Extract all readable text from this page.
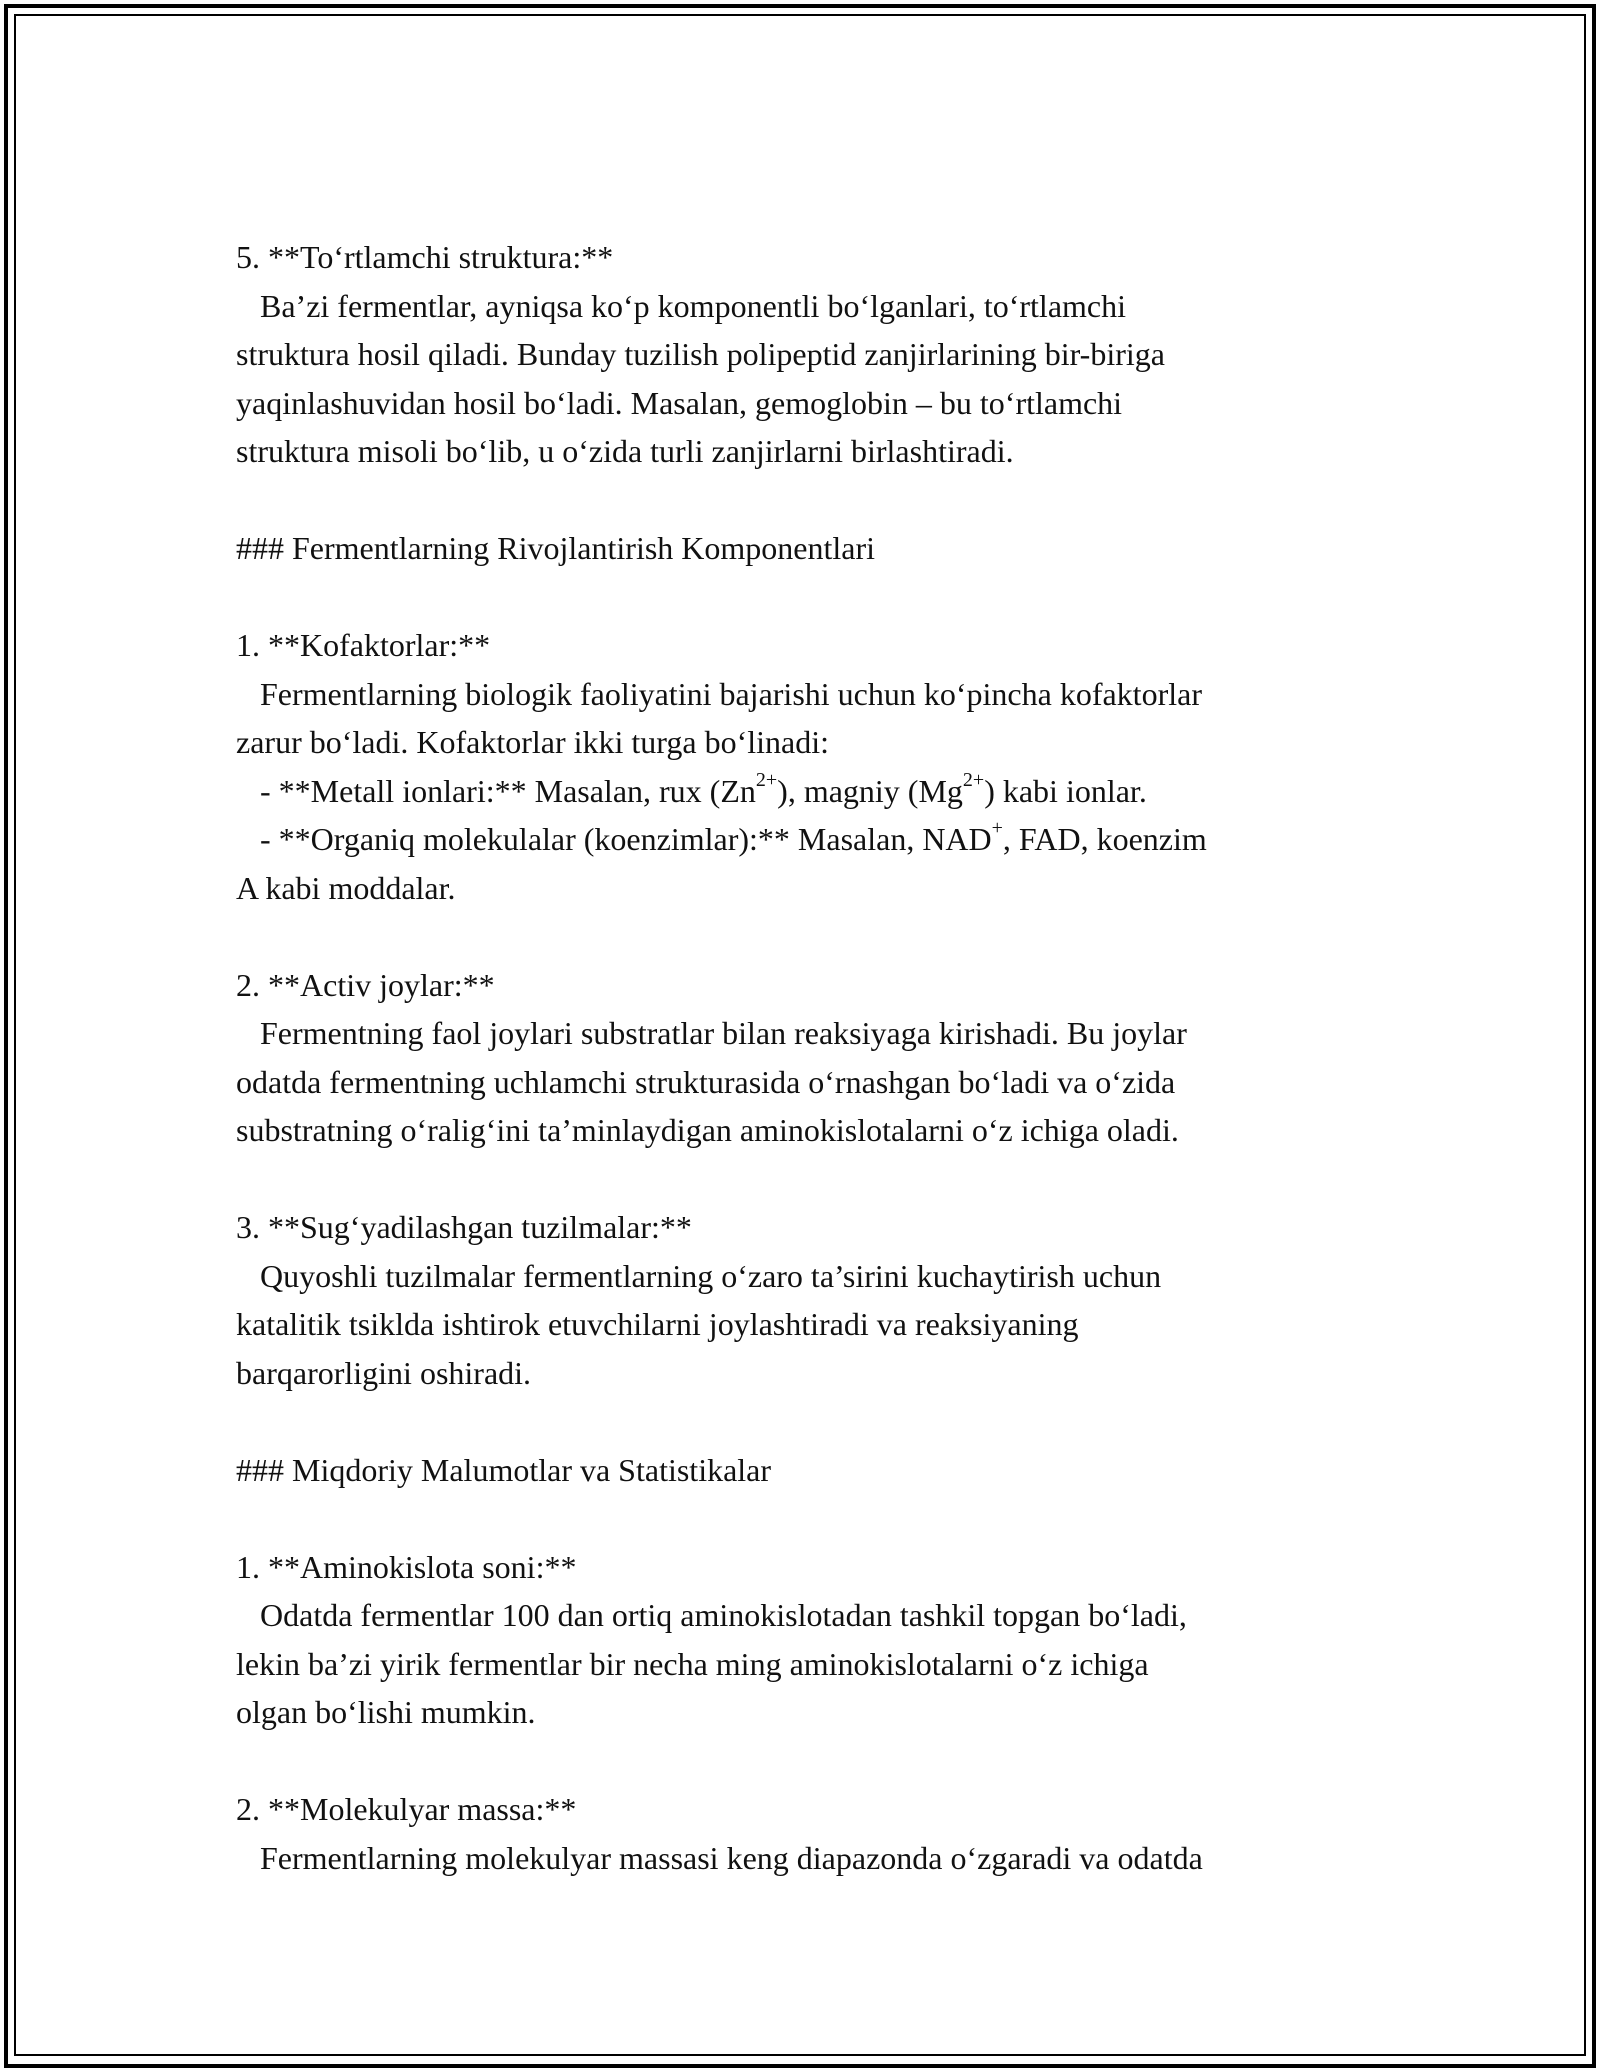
5. **To‘rtlamchi struktura:**
Ba’zi fermentlar, ayniqsa ko‘p komponentli bo‘lganlari, to‘rtlamchi
struktura hosil qiladi. Bunday tuzilish polipeptid zanjirlarining bir-biriga
yaqinlashuvidan hosil bo‘ladi. Masalan, gemoglobin – bu to‘rtlamchi
struktura misoli bo‘lib, u o‘zida turli zanjirlarni birlashtiradi.
### Fermentlarning Rivojlantirish Komponentlari
1. **Kofaktorlar:**
Fermentlarning biologik faoliyatini bajarishi uchun ko‘pincha kofaktorlar
zarur bo‘ladi. Kofaktorlar ikki turga bo‘linadi:
- **Metall ionlari:** Masalan, rux $(Zn^{2+})$, magniy $(Mg^{2+})$ kabi ionlar.
- **Organiq molekulalar (koenzimlar):** Masalan, NAD+, FAD, koenzim
A kabi moddalar.
2. **Activ joylar:**
Fermentning faol joylari substratlar bilan reaksiyaga kirishadi. Bu joylar
odatda fermentning uchlamchi strukturasida o‘rnashgan bo‘ladi va o‘zida
substratning o‘ralig‘ini ta’minlaydigan aminokislotalarni o‘z ichiga oladi.
3. **Sug‘yadilashgan tuzilmalar:**
Quyoshli tuzilmalar fermentlarning o‘zaro ta’sirini kuchaytirish uchun
katalitik tsiklda ishtirok etuvchilarni joylashtiradi va reaksiyaning
barqarorligini oshiradi.
### Miqdoriy Malumotlar va Statistikalar
1. **Aminokislota soni:**
Odatda fermentlar 100 dan ortiq aminokislotadan tashkil topgan bo‘ladi,
lekin ba’zi yirik fermentlar bir necha ming aminokislotalarni o‘z ichiga
olgan bo‘lishi mumkin.
2. **Molekulyar massa:**
Fermentlarning molekulyar massasi keng diapazonda o‘zgaradi va odatda
